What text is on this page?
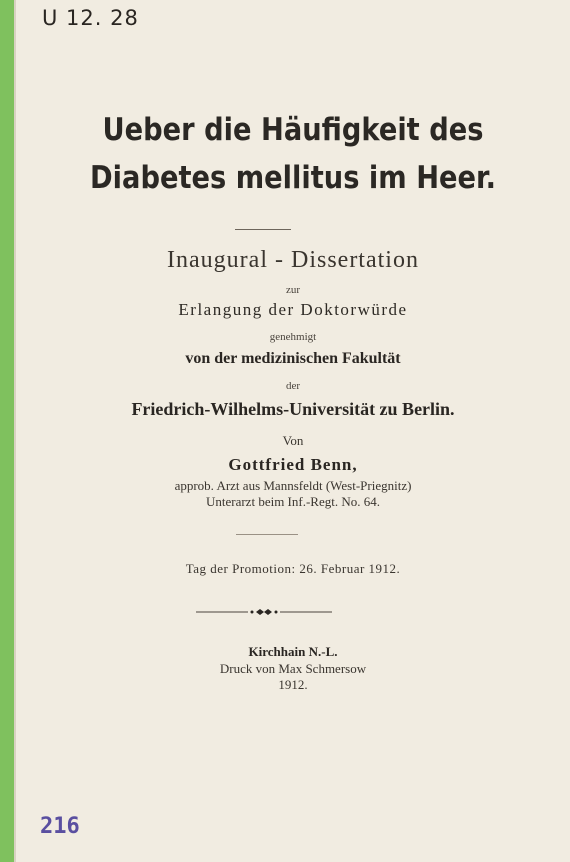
U 12. 28
Ueber die Häufigkeit des
Diabetes mellitus im Heer.
Inaugural - Dissertation
zur
Erlangung der Doktorwürde
genehmigt
von der medizinischen Fakultät
der
Friedrich-Wilhelms-Universität zu Berlin.
Von
Gottfried Benn,
approb. Arzt aus Mannsfeldt (West-Priegnitz)
Unterarzt beim Inf.-Regt. No. 64.
Tag der Promotion: 26. Februar 1912.
Kirchhain N.-L.
Druck von Max Schmersow
1912.
216
